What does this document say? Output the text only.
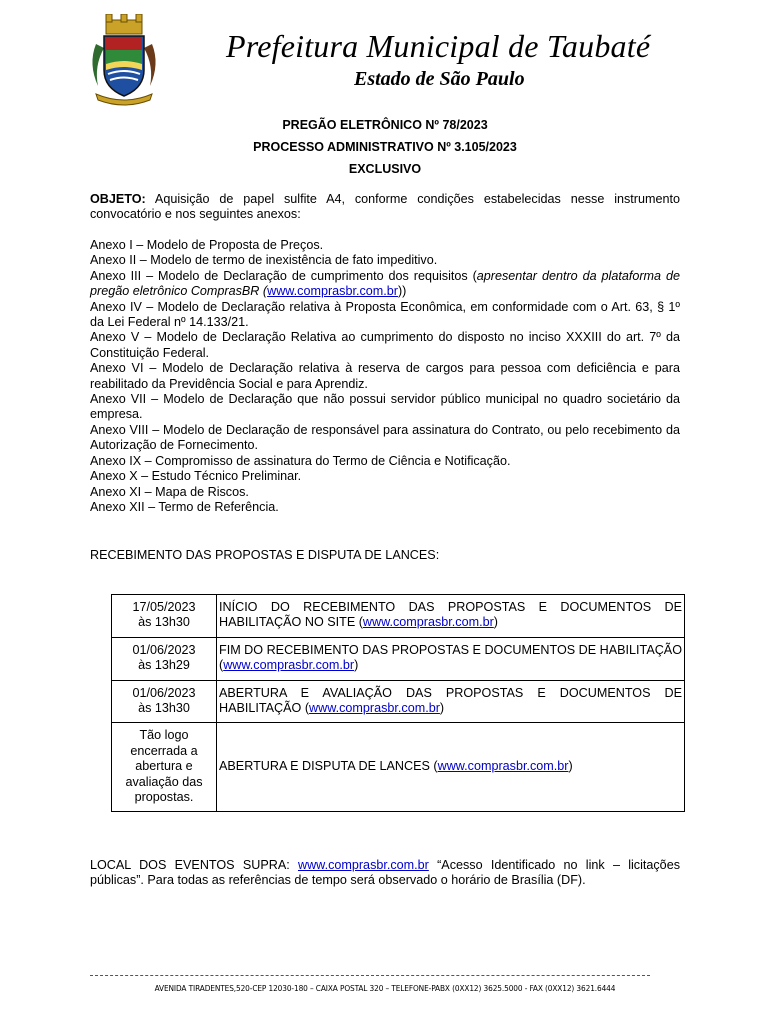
Prefeitura Municipal de Taubaté
Estado de São Paulo
PREGÃO ELETRÔNICO Nº 78/2023
PROCESSO ADMINISTRATIVO Nº 3.105/2023
EXCLUSIVO
OBJETO: Aquisição de papel sulfite A4, conforme condições estabelecidas nesse instrumento convocatório e nos seguintes anexos:
Anexo I – Modelo de Proposta de Preços.
Anexo II – Modelo de termo de inexistência de fato impeditivo.
Anexo III – Modelo de Declaração de cumprimento dos requisitos (apresentar dentro da plataforma de pregão eletrônico ComprasBR (www.comprasbr.com.br))
Anexo IV – Modelo de Declaração relativa à Proposta Econômica, em conformidade com o Art. 63, § 1º da Lei Federal nº 14.133/21.
Anexo V – Modelo de Declaração Relativa ao cumprimento do disposto no inciso XXXIII do art. 7º da Constituição Federal.
Anexo VI – Modelo de Declaração relativa à reserva de cargos para pessoa com deficiência e para reabilitado da Previdência Social e para Aprendiz.
Anexo VII – Modelo de Declaração que não possui servidor público municipal no quadro societário da empresa.
Anexo VIII – Modelo de Declaração de responsável para assinatura do Contrato, ou pelo recebimento da Autorização de Fornecimento.
Anexo IX – Compromisso de assinatura do Termo de Ciência e Notificação.
Anexo X – Estudo Técnico Preliminar.
Anexo XI – Mapa de Riscos.
Anexo XII – Termo de Referência.
RECEBIMENTO DAS PROPOSTAS E DISPUTA DE LANCES:
17/05/2023
às 13h30	INÍCIO DO RECEBIMENTO DAS PROPOSTAS E DOCUMENTOS DE HABILITAÇÃO NO SITE (www.comprasbr.com.br)

01/06/2023
às 13h29	FIM DO RECEBIMENTO DAS PROPOSTAS E DOCUMENTOS DE HABILITAÇÃO (www.comprasbr.com.br)

01/06/2023
às 13h30	ABERTURA E AVALIAÇÃO DAS PROPOSTAS E DOCUMENTOS DE HABILITAÇÃO (www.comprasbr.com.br)

Tão logo encerrada a abertura e avaliação das propostas.	ABERTURA E DISPUTA DE LANCES (www.comprasbr.com.br)
LOCAL DOS EVENTOS SUPRA: www.comprasbr.com.br “Acesso Identificado no link – licitações públicas”. Para todas as referências de tempo será observado o horário de Brasília (DF).
AVENIDA TIRADENTES,520-CEP 12030-180 – CAIXA POSTAL 320 – TELEFONE-PABX (0XX12) 3625.5000 - FAX (0XX12) 3621.6444
